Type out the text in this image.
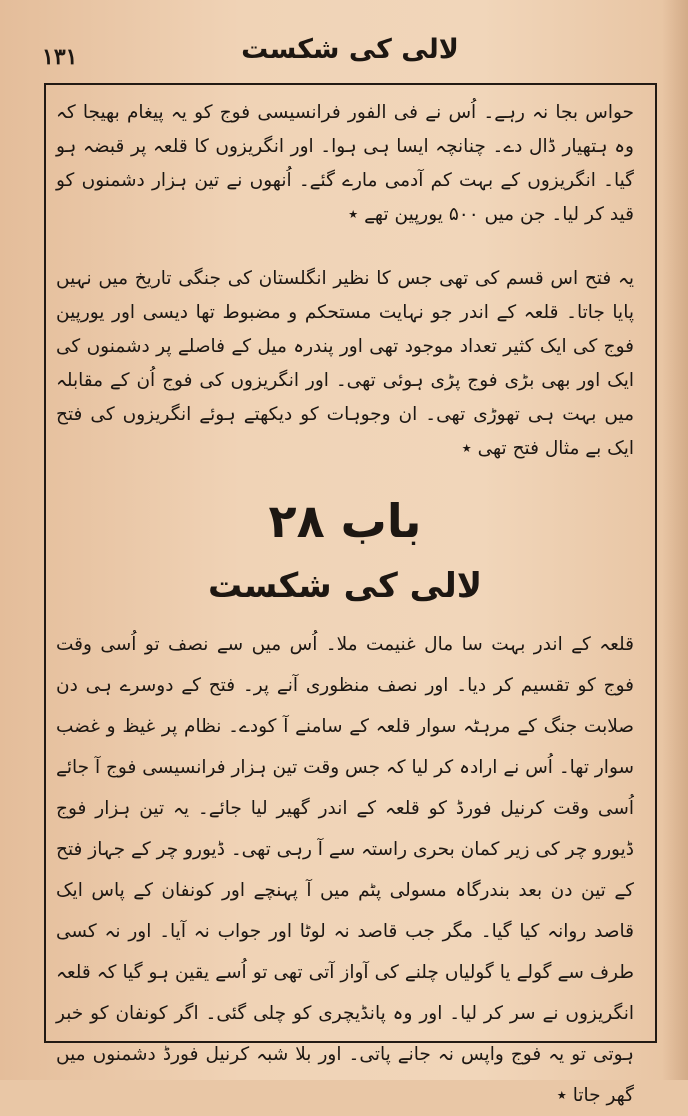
۱۳۱	لالی کی شکست

حواس بجا نہ رہے۔ اُس نے فی الفور فرانسیسی فوج کو یہ پیغام بھیجا کہ وہ ہتھیار ڈال دے۔ چنانچہ ایسا ہی ہوا۔ اور انگریزوں کا قلعہ پر قبضہ ہو گیا۔ انگریزوں کے بہت کم آدمی مارے گئے۔ اُنھوں نے تین ہزار دشمنوں کو قید کر لیا۔ جن میں ۵۰۰ یورپین تھے ٭

یہ فتح اس قسم کی تھی جس کا نظیر انگلستان کی جنگی تاریخ میں نہیں پایا جاتا۔ قلعہ کے اندر جو نہایت مستحکم و مضبوط تھا دیسی اور یورپین فوج کی ایک کثیر تعداد موجود تھی اور پندرہ میل کے فاصلے پر دشمنوں کی ایک اور بھی بڑی فوج پڑی ہوئی تھی۔ اور انگریزوں کی فوج اُن کے مقابلہ میں بہت ہی تھوڑی تھی۔ ان وجوہات کو دیکھتے ہوئے انگریزوں کی فتح ایک بے مثال فتح تھی ٭

باب ۲۸
لالی کی شکست

قلعہ کے اندر بہت سا مال غنیمت ملا۔ اُس میں سے نصف تو اُسی وقت فوج کو تقسیم کر دیا۔ اور نصف منظوری آنے پر۔ فتح کے دوسرے ہی دن صلابت جنگ کے مرہٹہ سوار قلعہ کے سامنے آ کودے۔ نظام پر غیظ و غضب سوار تھا۔ اُس نے ارادہ کر لیا کہ جس وقت تین ہزار فرانسیسی فوج آ جائے اُسی وقت کرنیل فورڈ کو قلعہ کے اندر گھیر لیا جائے۔ یہ تین ہزار فوج ڈیورو چر کی زیر کمان بحری راستہ سے آ رہی تھی۔ ڈیورو چر کے جہاز فتح کے تین دن بعد بندرگاہ مسولی پٹم میں آ پہنچے اور کونفان کے پاس ایک قاصد روانہ کیا گیا۔ مگر جب قاصد نہ لوٹا اور جواب نہ آیا۔ اور نہ کسی طرف سے گولے یا گولیاں چلنے کی آواز آتی تھی تو اُسے یقین ہو گیا کہ قلعہ انگریزوں نے سر کر لیا۔ اور وہ پانڈیچری کو چلی گئی۔ اگر کونفان کو خبر ہوتی تو یہ فوج واپس نہ جانے پاتی۔ اور بلا شبہ کرنیل فورڈ دشمنوں میں گھر جاتا ٭
